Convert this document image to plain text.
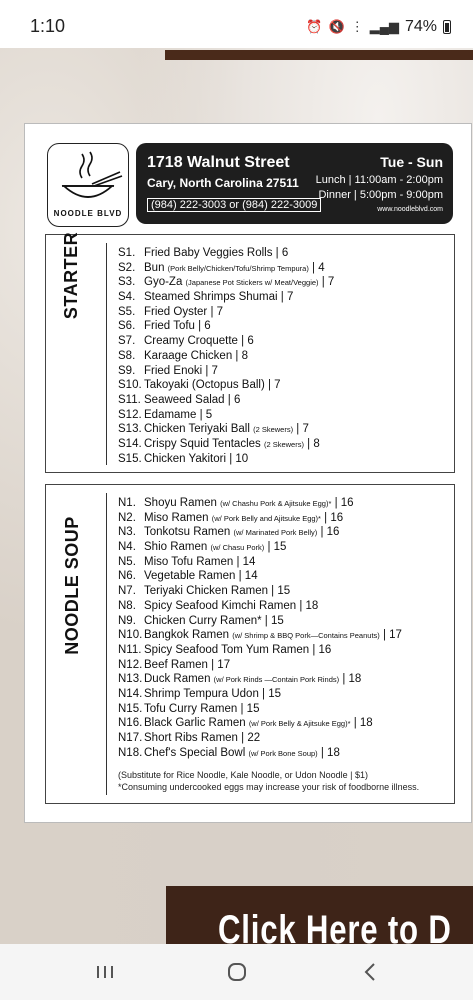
1:10	⏰ 🔇 ⋮ ▂▄▆ 74%
NOODLE BLVD
1718 Walnut Street
Cary, North Carolina 27511
(984) 222-3003 or (984) 222-3009
Tue - Sun
Lunch | 11:00am - 2:00pm
Dinner | 5:00pm - 9:00pm
www.noodleblvd.com
STARTER	S1. Fried Baby Veggies Rolls | 6
S2. Bun (Pork Belly/Chicken/Tofu/Shrimp Tempura) | 4
S3. Gyo-Za (Japanese Pot Stickers w/ Meat/Veggie) | 7
S4. Steamed Shrimps Shumai | 7
S5. Fried Oyster | 7
S6. Fried Tofu | 6
S7. Creamy Croquette | 6
S8. Karaage Chicken | 8
S9. Fried Enoki | 7
S10. Takoyaki (Octopus Ball) | 7
S11. Seaweed Salad | 6
S12. Edamame | 5
S13. Chicken Teriyaki Ball (2 Skewers) | 7
S14. Crispy Squid Tentacles (2 Skewers) | 8
S15. Chicken Yakitori | 10
NOODLE SOUP
N1. Shoyu Ramen (w/ Chashu Pork & Ajitsuke Egg)* | 16
N2. Miso Ramen (w/ Pork Belly and Ajitsuke Egg)* | 16
N3. Tonkotsu Ramen (w/ Marinated Pork Belly) | 16
N4. Shio Ramen (w/ Chasu Pork) | 15
N5. Miso Tofu Ramen | 14
N6. Vegetable Ramen | 14
N7. Teriyaki Chicken Ramen | 15
N8. Spicy Seafood Kimchi Ramen | 18
N9. Chicken Curry Ramen* | 15
N10. Bangkok Ramen (w/ Shrimp & BBQ Pork—Contains Peanuts) | 17
N11. Spicy Seafood Tom Yum Ramen | 16
N12. Beef Ramen | 17
N13. Duck Ramen (w/ Pork Rinds —Contain Pork Rinds) | 18
N14. Shrimp Tempura Udon | 15
N15. Tofu Curry Ramen | 15
N16. Black Garlic Ramen (w/ Pork Belly & Ajitsuke Egg)* | 18
N17. Short Ribs Ramen | 22
N18. Chef's Special Bowl (w/ Pork Bone Soup) | 18
(Substitute for Rice Noodle, Kale Noodle, or Udon Noodle | $1)
*Consuming undercooked eggs may increase your risk of foodborne illness.
Click Here to D
